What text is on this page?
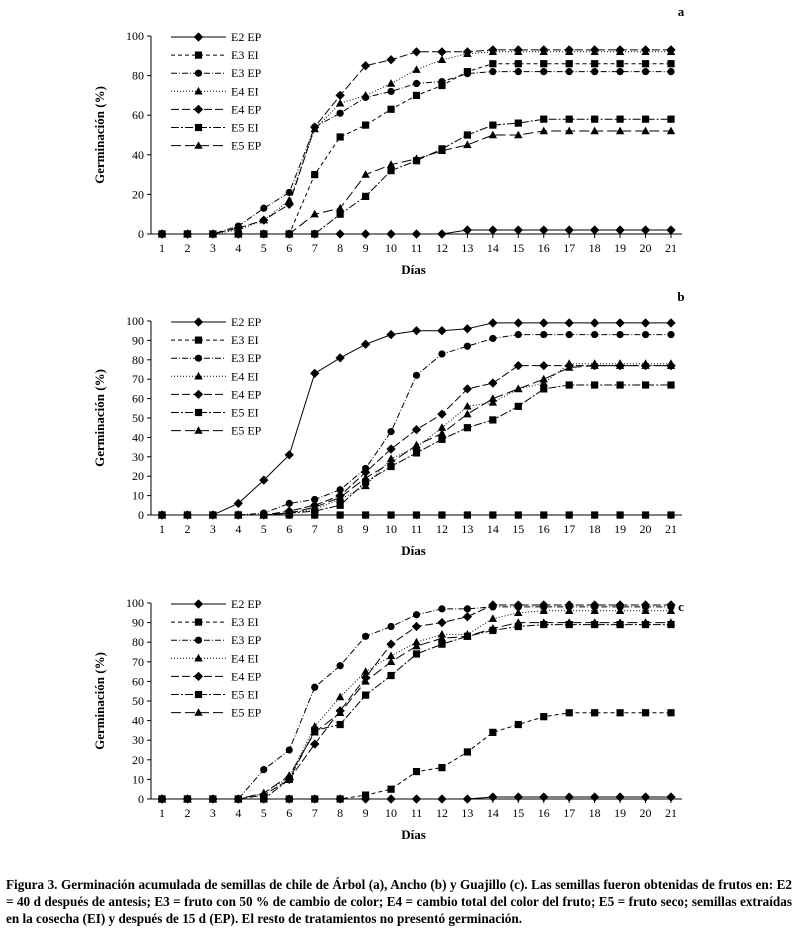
0
20
40
60
80
100
1 2 3 4 5 6 7 8 9 10 11 12 13 14 15 16 17 18 19 20 21
Días
Germinación (%)
a
E2 EP
E3 EI
E3 EP
E4 EI
E4 EP
E5 EI
E5 EP
0
10
20
30
40
50
60
70
80
90
100
1 2 3 4 5 6 7 8 9 10 11 12 13 14 15 16 17 18 19 20 21
Días
Germinación (%)
b
E2 EP
E3 EI
E3 EP
E4 EI
E4 EP
E5 EI
E5 EP
0
10
20
30
40
50
60
70
80
90
100
1 2 3 4 5 6 7 8 9 10 11 12 13 14 15 16 17 18 19 20 21
Días
Germinación (%)
c
E2 EP
E3 EI
E3 EP
E4 EI
E4 EP
E5 EI
E5 EP
Figura 3. Germinación acumulada de semillas de chile de Árbol (a), Ancho (b) y Guajillo (c). Las semillas fueron obtenidas de frutos en: E2 = 40 d después de antesis; E3 = fruto con 50 % de cambio de color; E4 = cambio total del color del fruto; E5 = fruto seco; semillas extraídas en la cosecha (EI) y después de 15 d (EP). El resto de tratamientos no presentó germinación.
